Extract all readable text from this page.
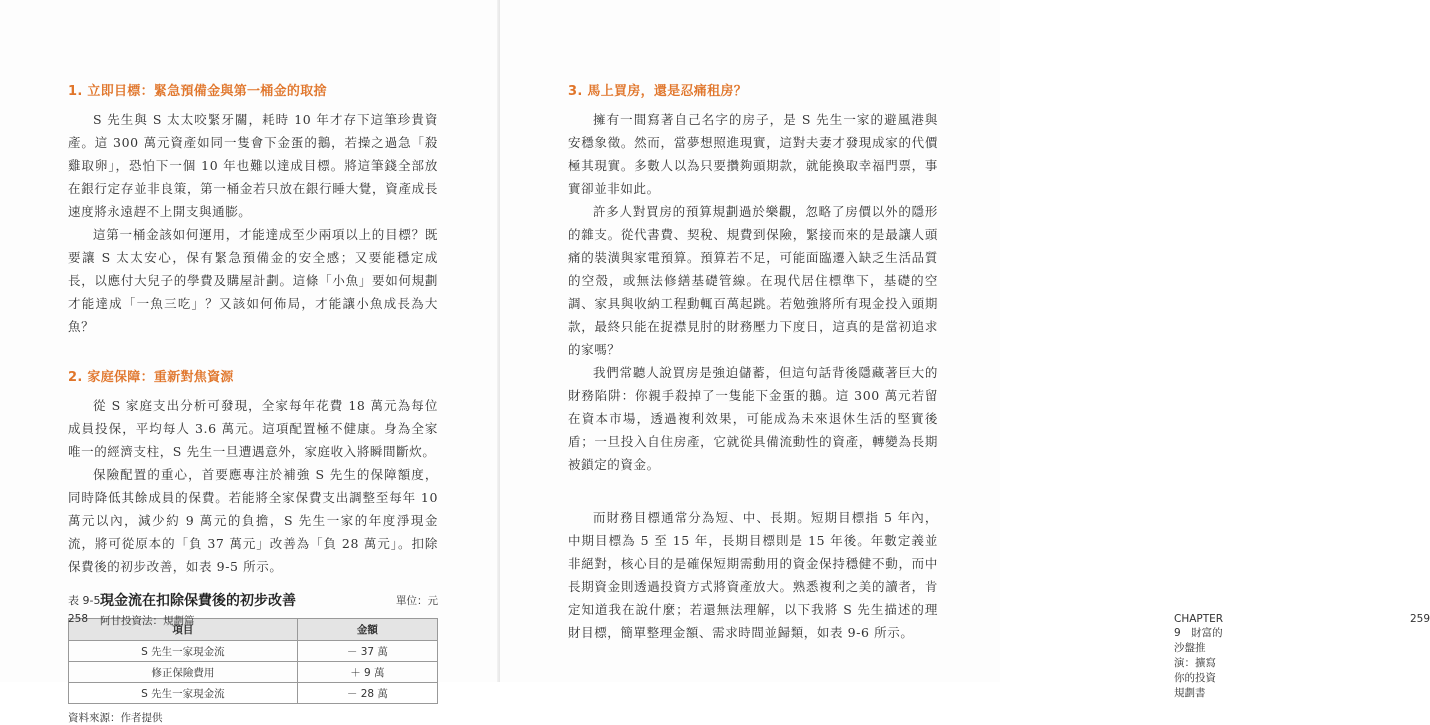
1. 立即目標：緊急預備金與第一桶金的取捨

S 先生與 S 太太咬緊牙關，耗時 10 年才存下這筆珍貴資產。這 300 萬元資產如同一隻會下金蛋的鵝，若操之過急「殺雞取卵」，恐怕下一個 10 年也難以達成目標。將這筆錢全部放在銀行定存並非良策，第一桶金若只放在銀行睡大覺，資產成長速度將永遠趕不上開支與通膨。

這第一桶金該如何運用，才能達成至少兩項以上的目標？既要讓 S 太太安心，保有緊急預備金的安全感；又要能穩定成長，以應付大兒子的學費及購屋計劃。這條「小魚」要如何規劃才能達成「一魚三吃」？又該如何佈局，才能讓小魚成長為大魚？

2. 家庭保障：重新對焦資源

從 S 家庭支出分析可發現，全家每年花費 18 萬元為每位成員投保，平均每人 3.6 萬元。這項配置極不健康。身為全家唯一的經濟支柱，S 先生一旦遭遇意外，家庭收入將瞬間斷炊。

保險配置的重心，首要應專注於補強 S 先生的保障額度，同時降低其餘成員的保費。若能將全家保費支出調整至每年 10 萬元以內，減少約 9 萬元的負擔，S 先生一家的年度淨現金流，將可從原本的「負 37 萬元」改善為「負 28 萬元」。扣除保費後的初步改善，如表 9-5 所示。

表 9-5 現金流在扣除保費後的初步改善	單位：元
項目	金額
S 先生一家現金流	－ 37 萬
修正保險費用	＋ 9 萬
S 先生一家現金流	－ 28 萬
資料來源：作者提供
258 阿甘投資法：規劃篇	CHAPTER 9　財富的沙盤推演：擴寫你的投資規劃書
259
3. 馬上買房，還是忍痛租房？

擁有一間寫著自己名字的房子，是 S 先生一家的避風港與安穩象徵。然而，當夢想照進現實，這對夫妻才發現成家的代價極其現實。多數人以為只要攢夠頭期款，就能換取幸福門票，事實卻並非如此。

許多人對買房的預算規劃過於樂觀，忽略了房價以外的隱形的雜支。從代書費、契稅、規費到保險，緊接而來的是最讓人頭痛的裝潢與家電預算。預算若不足，可能面臨遷入缺乏生活品質的空殼，或無法修繕基礎管線。在現代居住標準下，基礎的空調、家具與收納工程動輒百萬起跳。若勉強將所有現金投入頭期款，最終只能在捉襟見肘的財務壓力下度日，這真的是當初追求的家嗎？

我們常聽人說買房是強迫儲蓄，但這句話背後隱藏著巨大的財務陷阱：你親手殺掉了一隻能下金蛋的鵝。這 300 萬元若留在資本市場，透過複利效果，可能成為未來退休生活的堅實後盾；一旦投入自住房產，它就從具備流動性的資產，轉變為長期被鎖定的資金。

而財務目標通常分為短、中、長期。短期目標指 5 年內，中期目標為 5 至 15 年，長期目標則是 15 年後。年數定義並非絕對，核心目的是確保短期需動用的資金保持穩健不動，而中長期資金則透過投資方式將資產放大。熟悉複利之美的讀者，肯定知道我在說什麼；若還無法理解，以下我將 S 先生描述的理財目標，簡單整理金額、需求時間並歸類，如表 9-6 所示。
